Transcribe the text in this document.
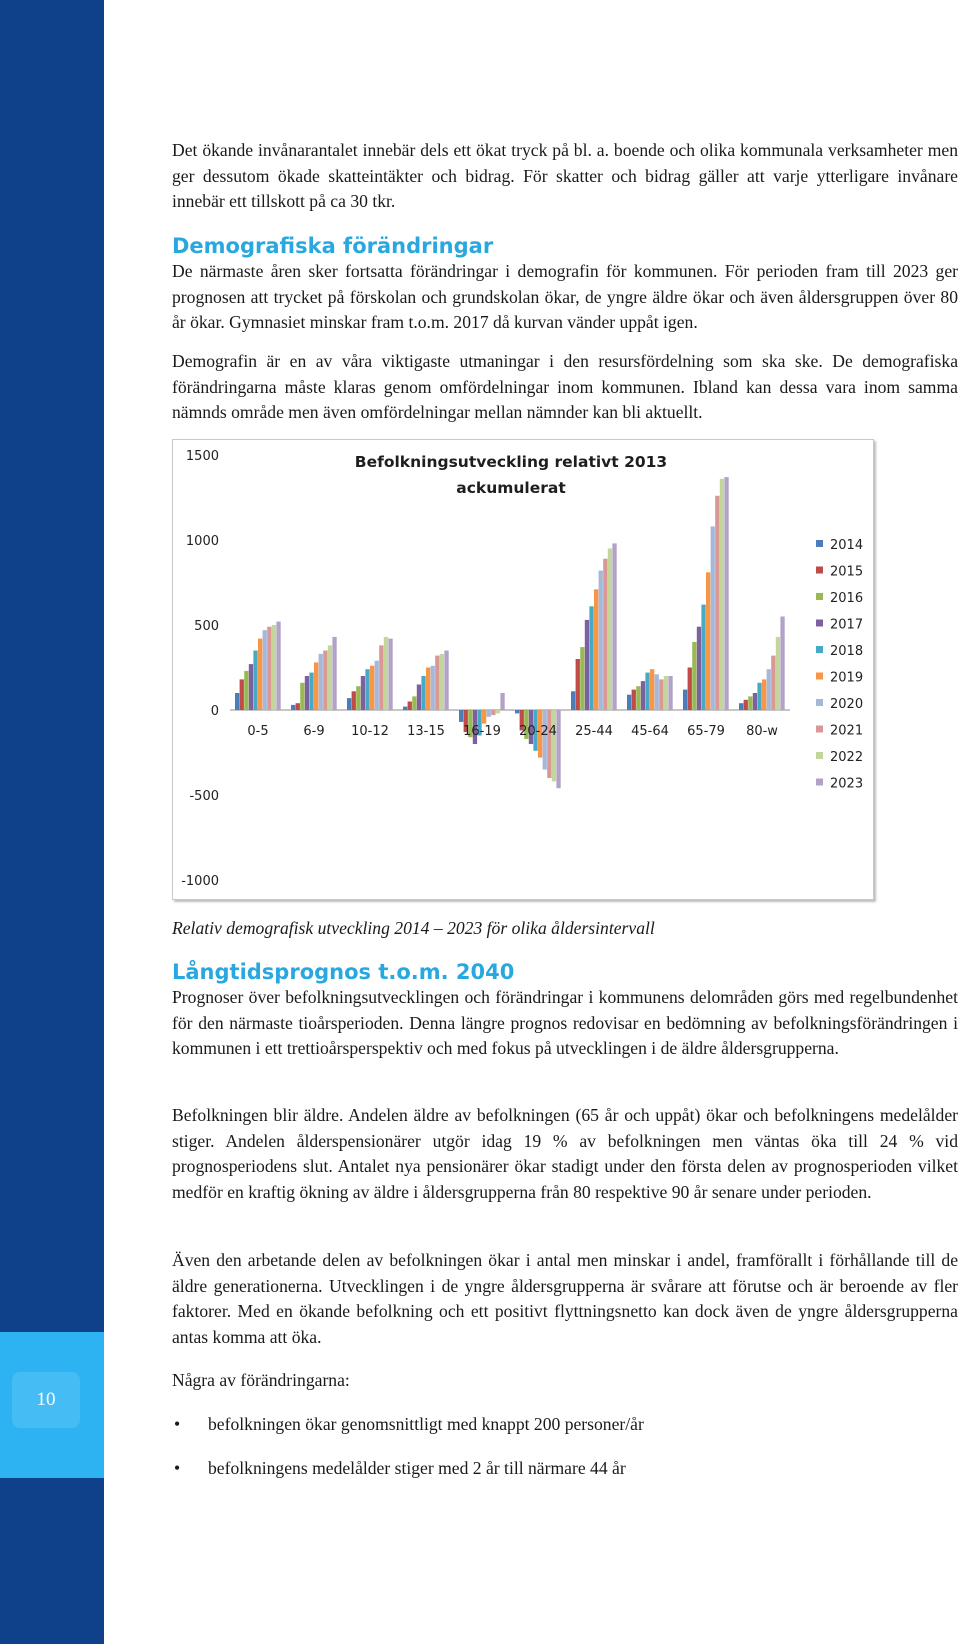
10

Det ökande invånarantalet innebär dels ett ökat tryck på bl. a. boende och olika kommunala verksamheter men ger dessutom ökade skatteintäkter och bidrag. För skatter och bidrag gäller att varje ytterligare invånare innebär ett tillskott på ca 30 tkr.

Demografiska förändringar

De närmaste åren sker fortsatta förändringar i demografin för kommunen. För perioden fram till 2023 ger prognosen att trycket på förskolan och grundskolan ökar, de yngre äldre ökar och även åldersgruppen över 80 år ökar. Gymnasiet minskar fram t.o.m. 2017 då kurvan vänder uppåt igen.

Demografin är en av våra viktigaste utmaningar i den resursfördelning som ska ske. De demografiska förändringarna måste klaras genom omfördelningar inom kommunen. Ibland kan dessa vara inom samma nämnds område men även omfördelningar mellan nämnder kan bli aktuellt.

Relativ demografisk utveckling 2014 – 2023 för olika åldersintervall

Långtidsprognos t.o.m. 2040

Prognoser över befolkningsutvecklingen och förändringar i kommunens delområden görs med regelbundenhet för den närmaste tioårsperioden. Denna längre prognos redovisar en bedömning av befolkningsförändringen i kommunen i ett trettioårsperspektiv och med fokus på utvecklingen i de äldre åldersgrupperna.

Befolkningen blir äldre. Andelen äldre av befolkningen (65 år och uppåt) ökar och befolkningens medelålder stiger. Andelen ålderspensionärer utgör idag 19 % av befolkningen men väntas öka till 24 % vid prognosperiodens slut. Antalet nya pensionärer ökar stadigt under den första delen av prognosperioden vilket medför en kraftig ökning av äldre i åldersgrupperna från 80 respektive 90 år senare under perioden.

Även den arbetande delen av befolkningen ökar i antal men minskar i andel, framförallt i förhållande till de äldre generationerna. Utvecklingen i de yngre åldersgrupperna är svårare att förutse och är beroende av fler faktorer. Med en ökande befolkning och ett positivt flyttningsnetto kan dock även de yngre åldersgrupperna antas komma att öka.

Några av förändringarna:

• befolkningen ökar genomsnittligt med knappt 200 personer/år
• befolkningens medelålder stiger med 2 år till närmare 44 år
1500
1000
500
0
-500
-1000
0-5	6-9 10-12 13-15 16-19 20-24 25-44 45-64 65-79 80-w
Befolkningsutveckling relativt 2013
ackumulerat
2014
2015
2016
2017
2018
2019
2020
2021
2022
2023
